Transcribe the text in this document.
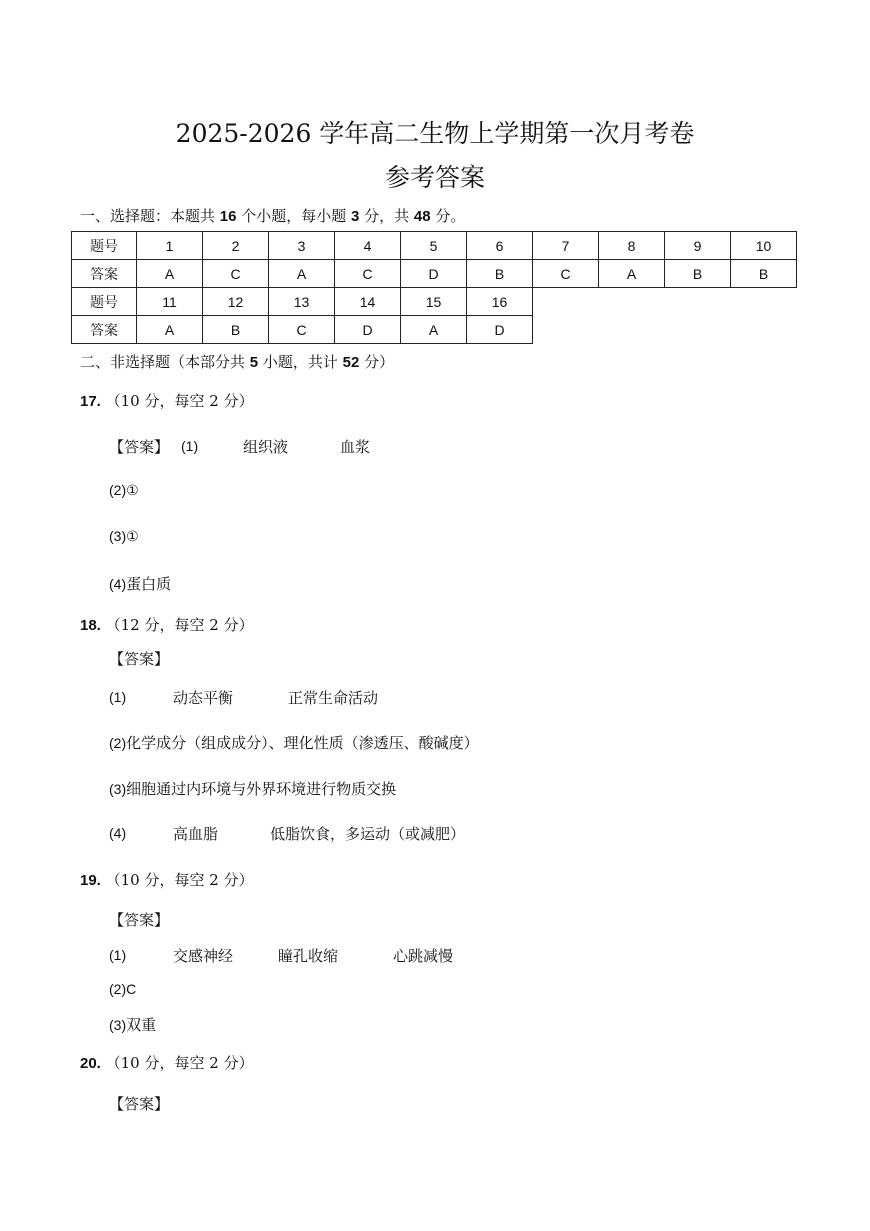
2025-2026 学年高二生物上学期第一次月考卷
参考答案
一、选择题：本题共 16 个小题，每小题 3 分，共 48 分。
题号	1	2	3	4	5	6	7	8	9	10
答案	A	C	A	C	D	B	C	A	B	B
题号	11	12	13	14	15	16
答案	A	B	C	D	A	D
二、非选择题（本部分共 5 小题，共计 52 分）
17. （10 分，每空 2 分）
【答案】 (1)	组织液	血浆
(2)①
(3)①
(4)蛋白质
18. （12 分，每空 2 分）
【答案】
(1)	动态平衡	正常生命活动
(2)化学成分（组成成分）、理化性质（渗透压、酸碱度）
(3)细胞通过内环境与外界环境进行物质交换
(4)	高血脂	低脂饮食，多运动（或减肥）
19. （10 分，每空 2 分）
【答案】
(1)	交感神经	瞳孔收缩	心跳减慢
(2)C
(3)双重
20. （10 分，每空 2 分）
【答案】
